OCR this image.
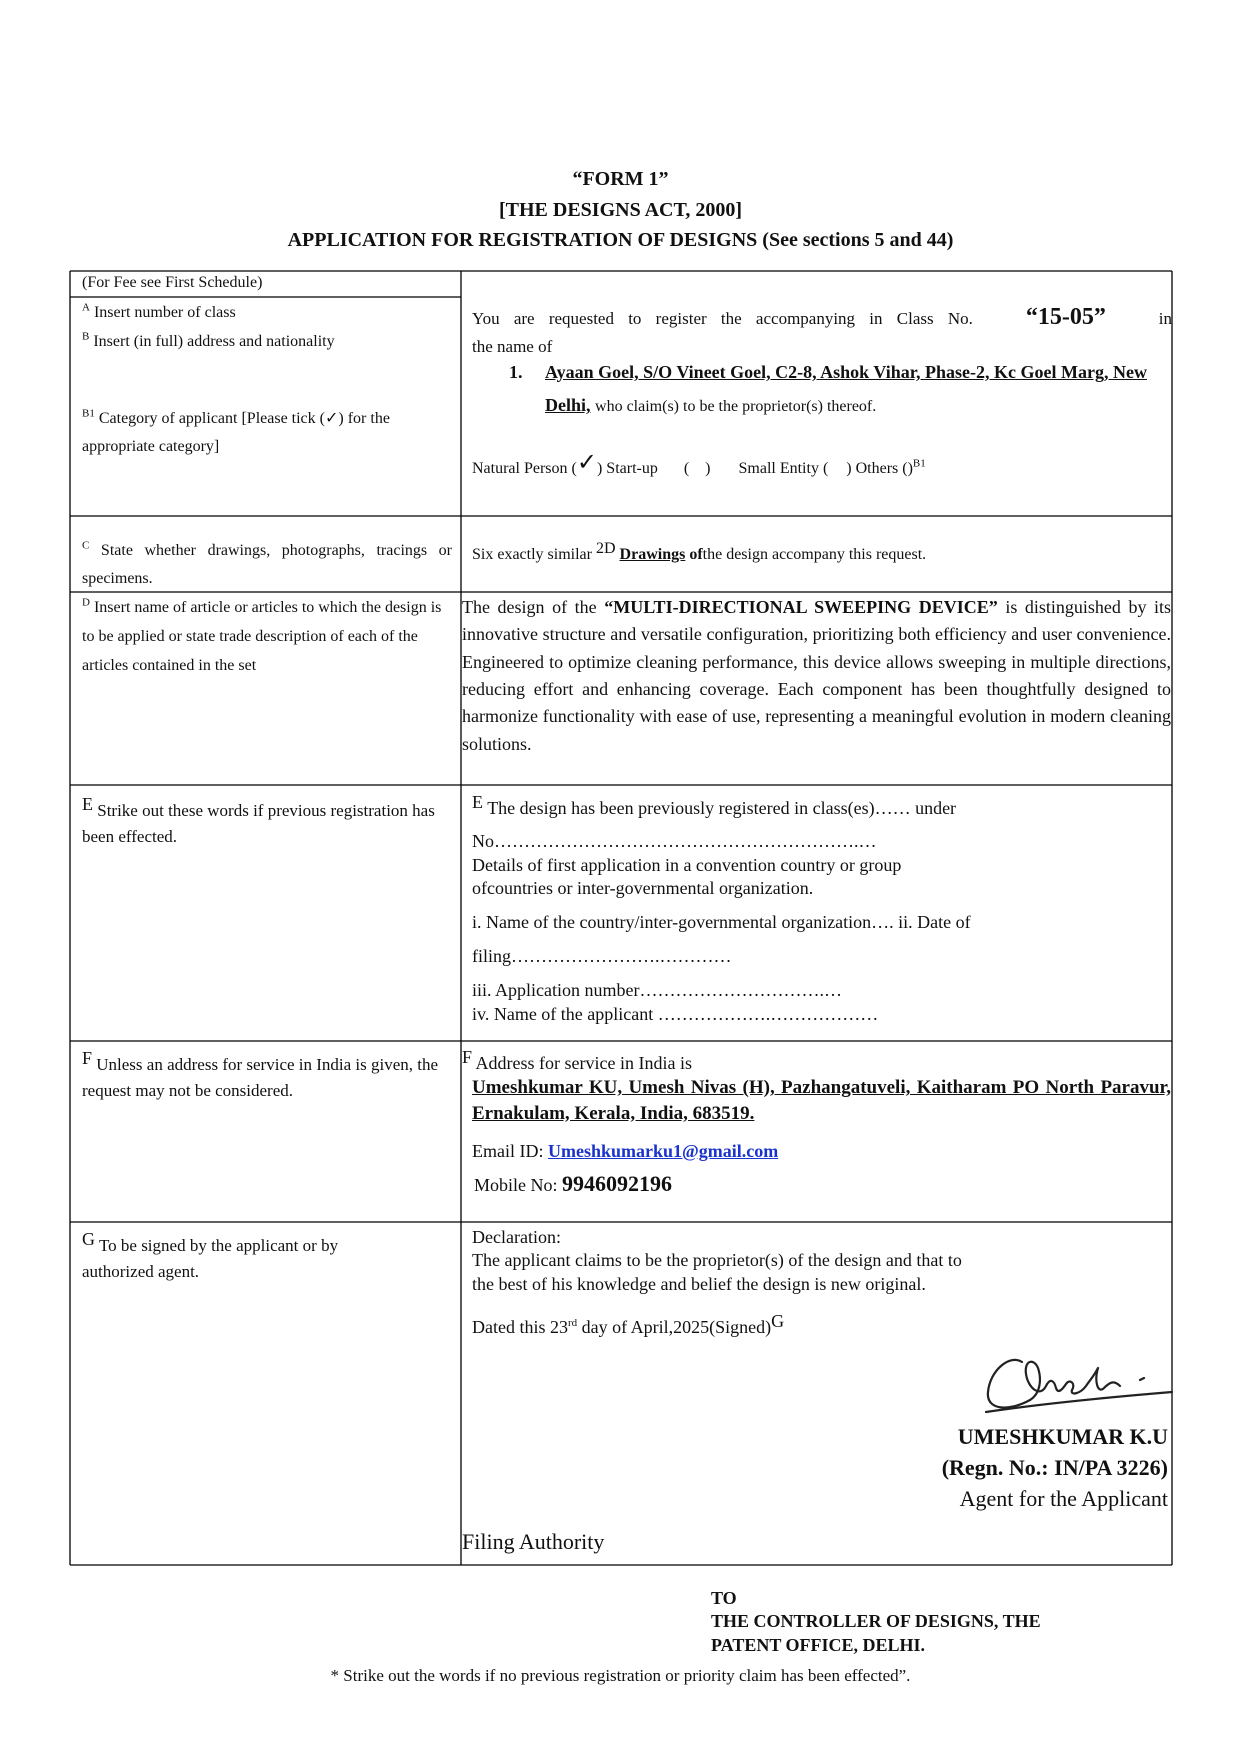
“FORM 1”
[THE DESIGNS ACT, 2000]
APPLICATION FOR REGISTRATION OF DESIGNS (See sections 5 and 44)
(For Fee see First Schedule)
$^A$ Insert number of class
$^B$ Insert (in full) address and nationality
$^{B1}$ Category of applicant [Please tick (✓) for the appropriate category]
$^C$ State whether drawings, photographs, tracings or specimens.
$^D$ Insert name of article or articles to which the design is to be applied or state trade description of each of the articles contained in the set
E Strike out these words if previous registration has been effected.
F Unless an address for service in India is given, the request may not be considered.
G To be signed by the applicant or by authorized agent.
You are requested to register the accompanying in Class No. “15-05”	in
the name of
1. Ayaan Goel, S/O Vineet Goel, C2-8, Ashok Vihar, Phase-2, Kc Goel Marg, New Delhi, who claim(s) to be the proprietor(s) thereof.
Natural Person (✓) Start-up (    ) Small Entity ( ) Others ()$^{B1}$
Six exactly similar 2D Drawings ofthe design accompany this request.
The design of the “MULTI-DIRECTIONAL SWEEPING DEVICE” is distinguished by its innovative structure and versatile configuration, prioritizing both efficiency and user convenience. Engineered to optimize cleaning performance, this device allows sweeping in multiple directions, reducing effort and enhancing coverage. Each component has been thoughtfully designed to harmonize functionality with ease of use, representing a meaningful evolution in modern cleaning solutions.
E The design has been previously registered in class(es)…… under
No…………………………………………………….…
Details of first application in a convention country or group
ofcountries or inter-governmental organization.
i. Name of the country/inter-governmental organization…. ii. Date of
filing…………………….…………
iii. Application number………………………….…
iv. Name of the applicant ……………….………………
F Address for service in India is
Umeshkumar KU, Umesh Nivas (H), Pazhangatuveli, Kaitharam PO North Paravur, Ernakulam, Kerala, India, 683519.
Email ID: Umeshkumarku1@gmail.com
Mobile No: 9946092196
Declaration:
The applicant claims to be the proprietor(s) of the design and that to
the best of his knowledge and belief the design is new original.
Dated this 23rd day of April,2025(Signed)G
UMESHKUMAR K.U
(Regn. No.: IN/PA 3226)
Agent for the Applicant
Filing Authority
TO
THE CONTROLLER OF DESIGNS, THE
PATENT OFFICE, DELHI.
* Strike out the words if no previous registration or priority claim has been effected”.
